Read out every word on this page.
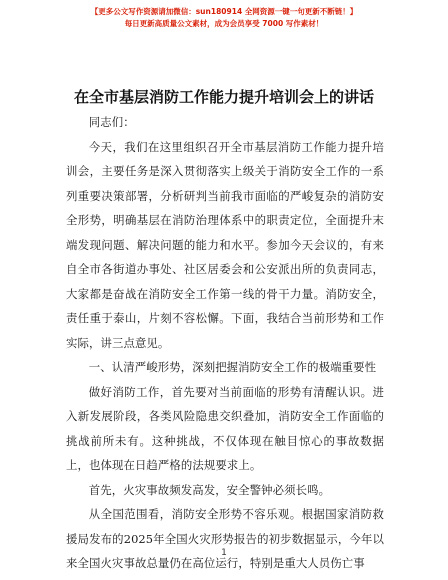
【更多公文写作资源请加微信：sun180914 全网资源一键一句更新不断链！】
每日更新高质量公文素材，成为会员享受 7000 写作素材！
在全市基层消防工作能力提升培训会上的讲话

同志们：

今天，我们在这里组织召开全市基层消防工作能力提升培训会，主要任务是深入贯彻落实上级关于消防安全工作的一系列重要决策部署，分析研判当前我市面临的严峻复杂的消防安全形势，明确基层在消防治理体系中的职责定位，全面提升末端发现问题、解决问题的能力和水平。参加今天会议的，有来自全市各街道办事处、社区居委会和公安派出所的负责同志，大家都是奋战在消防安全工作第一线的骨干力量。消防安全，责任重于泰山，片刻不容松懈。下面，我结合当前形势和工作实际，讲三点意见。

一、认清严峻形势，深刻把握消防安全工作的极端重要性

做好消防工作，首先要对当前面临的形势有清醒认识。进入新发展阶段，各类风险隐患交织叠加，消防安全工作面临的挑战前所未有。这种挑战，不仅体现在触目惊心的事故数据上，也体现在日趋严格的法规要求上。

首先，火灾事故频发高发，安全警钟必须长鸣。

从全国范围看，消防安全形势不容乐观。根据国家消防救援局发布的2025年全国火灾形势报告的初步数据显示，今年以来全国火灾事故总量仍在高位运行，特别是重大人员伤亡事

1
